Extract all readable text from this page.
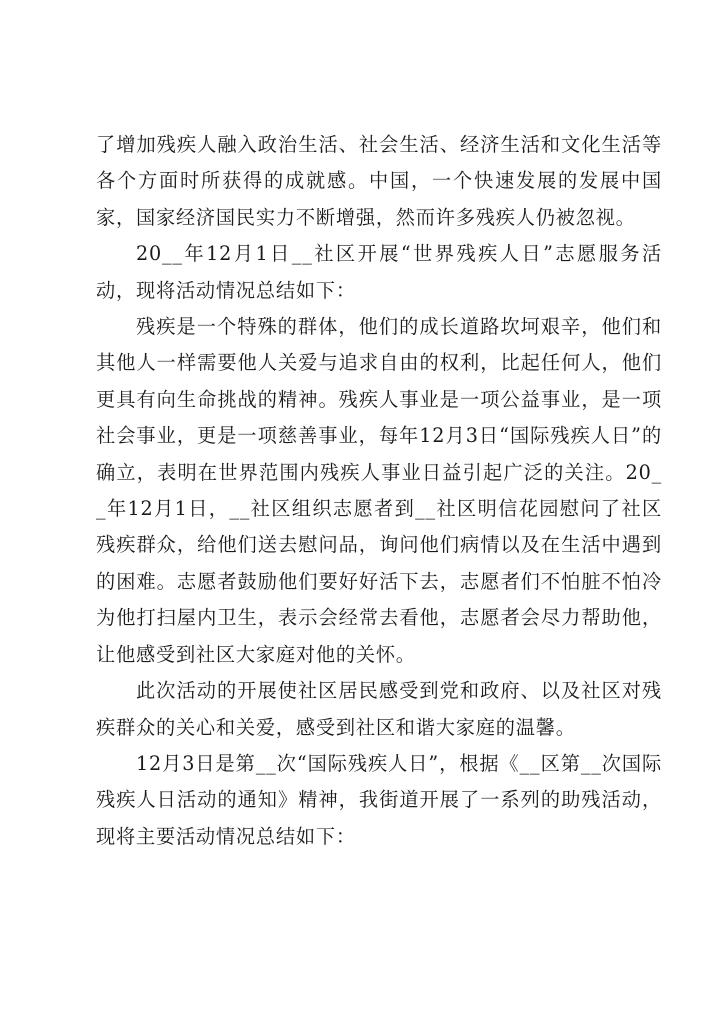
了增加残疾人融入政治生活、社会生活、经济生活和文化生活等各个方面时所获得的成就感。中国，一个快速发展的发展中国家，国家经济国民实力不断增强，然而许多残疾人仍被忽视。

20__年12月1日__社区开展“世界残疾人日”志愿服务活动，现将活动情况总结如下：

残疾是一个特殊的群体，他们的成长道路坎坷艰辛，他们和其他人一样需要他人关爱与追求自由的权利，比起任何人，他们更具有向生命挑战的精神。残疾人事业是一项公益事业，是一项社会事业，更是一项慈善事业，每年12月3日“国际残疾人日”的确立，表明在世界范围内残疾人事业日益引起广泛的关注。20__年12月1日，__社区组织志愿者到__社区明信花园慰问了社区残疾群众，给他们送去慰问品，询问他们病情以及在生活中遇到的困难。志愿者鼓励他们要好好活下去，志愿者们不怕脏不怕冷为他打扫屋内卫生，表示会经常去看他，志愿者会尽力帮助他，让他感受到社区大家庭对他的关怀。

此次活动的开展使社区居民感受到党和政府、以及社区对残疾群众的关心和关爱，感受到社区和谐大家庭的温馨。

12月3日是第__次“国际残疾人日”，根据《__区第__次国际残疾人日活动的通知》精神，我街道开展了一系列的助残活动，现将主要活动情况总结如下：
